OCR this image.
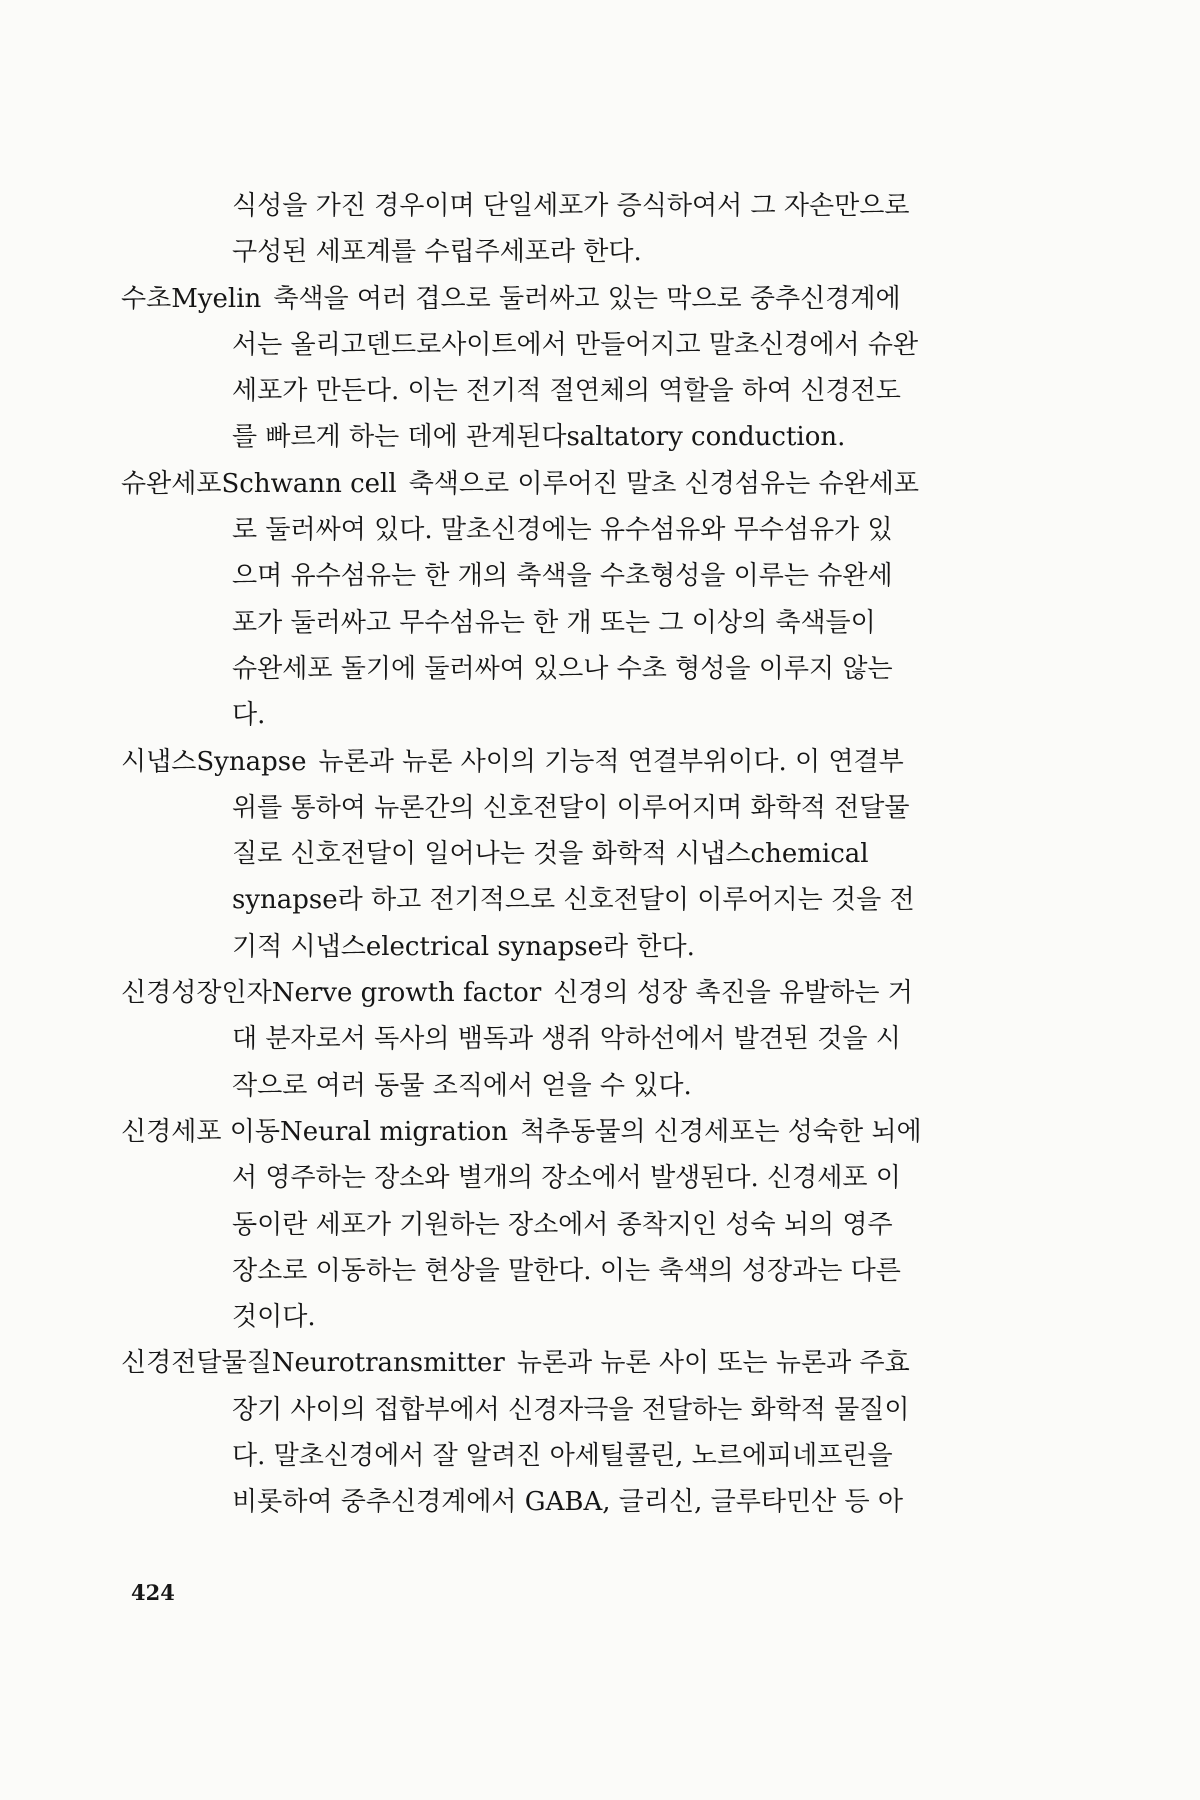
식성을 가진 경우이며 단일세포가 증식하여서 그 자손만으로
구성된 세포계를 수립주세포라 한다.
수초Myelin 축색을 여러 겹으로 둘러싸고 있는 막으로 중추신경계에
서는 올리고덴드로사이트에서 만들어지고 말초신경에서 슈완
세포가 만든다. 이는 전기적 절연체의 역할을 하여 신경전도
를 빠르게 하는 데에 관계된다saltatory conduction.
슈완세포Schwann cell 축색으로 이루어진 말초 신경섬유는 슈완세포
로 둘러싸여 있다. 말초신경에는 유수섬유와 무수섬유가 있
으며 유수섬유는 한 개의 축색을 수초형성을 이루는 슈완세
포가 둘러싸고 무수섬유는 한 개 또는 그 이상의 축색들이
슈완세포 돌기에 둘러싸여 있으나 수초 형성을 이루지 않는
다.
시냅스Synapse 뉴론과 뉴론 사이의 기능적 연결부위이다. 이 연결부
위를 통하여 뉴론간의 신호전달이 이루어지며 화학적 전달물
질로 신호전달이 일어나는 것을 화학적 시냅스chemical
synapse라 하고 전기적으로 신호전달이 이루어지는 것을 전
기적 시냅스electrical synapse라 한다.
신경성장인자Nerve growth factor 신경의 성장 촉진을 유발하는 거
대 분자로서 독사의 뱀독과 생쥐 악하선에서 발견된 것을 시
작으로 여러 동물 조직에서 얻을 수 있다.
신경세포 이동Neural migration 척추동물의 신경세포는 성숙한 뇌에
서 영주하는 장소와 별개의 장소에서 발생된다. 신경세포 이
동이란 세포가 기원하는 장소에서 종착지인 성숙 뇌의 영주
장소로 이동하는 현상을 말한다. 이는 축색의 성장과는 다른
것이다.
신경전달물질Neurotransmitter 뉴론과 뉴론 사이 또는 뉴론과 주효
장기 사이의 접합부에서 신경자극을 전달하는 화학적 물질이
다. 말초신경에서 잘 알려진 아세틸콜린, 노르에피네프린을
비롯하여 중추신경계에서 GABA, 글리신, 글루타민산 등 아
424
